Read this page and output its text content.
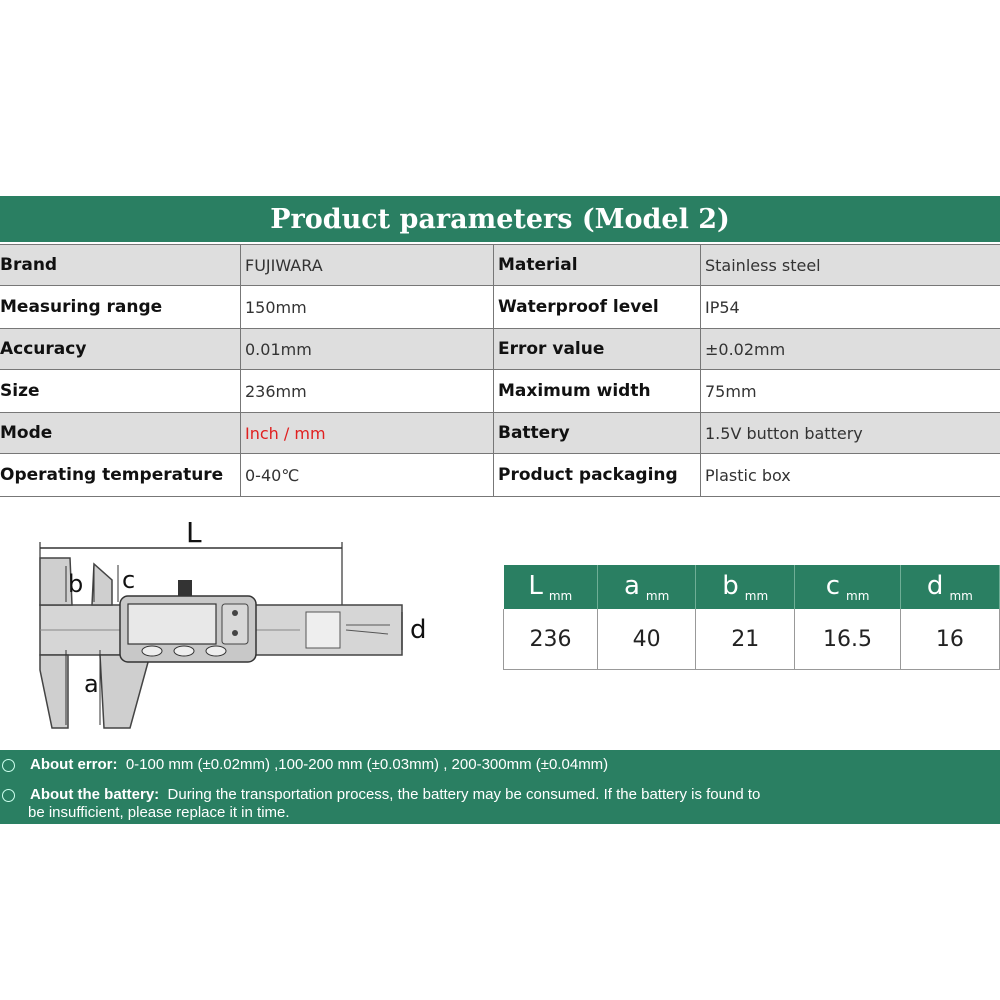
Product parameters (Model 2)
Brand	FUJIWARA	Material	Stainless steel
Measuring range	150mm	Waterproof level	IP54
Accuracy	0.01mm	Error value	±0.02mm
Size	236mm	Maximum width	75mm
Mode	Inch / mm	Battery	1.5V button battery
Operating temperature	0-40℃	Product packaging	Plastic box
L
b c
a
d
L $_{mm}$	a $_{mm}$	b $_{mm}$	c $_{mm}$	d $_{mm}$
236	40	21	16.5	16
About error: 0-100 mm (±0.02mm) ,100-200 mm (±0.03mm) , 200-300mm (±0.04mm)
About the battery: During the transportation process, the battery may be consumed. If the battery is found to
be insufficient, please replace it in time.
